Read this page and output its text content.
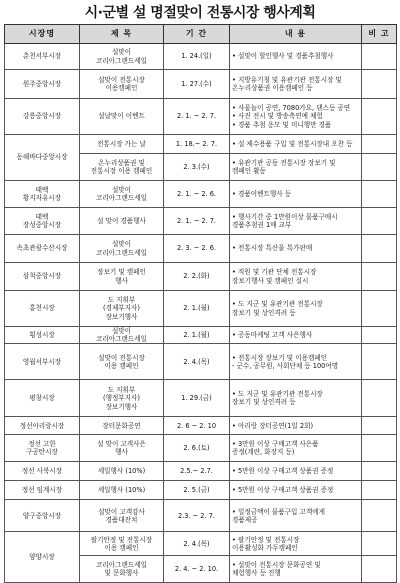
시·군별 설 명절맞이 전통시장 행사계획
시장명	제 목	기 간	내 용	비 고

춘천서부시장	설맞이
코리아그랜드세일	1. 24.(일)	• 설맞이 할인행사 및 경품추첨행사	

원주중앙시장	설맞이 전통시장
이용캠페인	1. 27.(수)	• 지방유기청 및 유관기관 전통시장 및
온누리상품권 이용캠페인 등	

강릉중앙시장	설날맞이 이벤트	2. 1. ~ 2. 7.	• 사물놀이 공연, 7080가요, 댄스등 공연
• 사진 전시 및 방송축연예 체험
• 경품 추첨 응모 및 미니행만 경품	

동해바다중앙시장	전통시장 가는 날	1. 18.~ 2. 7.	• 설 제수용품 구입 및 전통시장내 오찬 등	

	온누리상품권 및
전통시장 이용 캠페인	2. 3.(수)	• 유관기관 공동 전통시장 장보기 및
캠페인 활동	

태백
황지자유시장	설맞이
코리아그랜드세일	2. 1. ~ 2. 6.	• 경품이벤트행사 등	

태백
장성중앙시장	설 맞이 경품행사	2. 1. ~ 2. 7.	• 행사기간 중 1만원이상 물품구매시
경품추첨권 1매 교부	

속초관광수산시장	설맞이
코리아그랜드세일	2. 3. ~ 2. 6.	• 전통시장 특산물 특가판매	

삼척중앙시장	장보기 및 캠페인
행사	2. 2.(화)	• 직원 및 기관 단체 전통시장
장보기행사 및 캠페인 실시	

홍천시장	도 지휘부
(경제부지사)
장보기행사	2. 1.(월)	• 도 지군 및 유관기관 전통시장
장보기 및 상인격려 등	

횡성시장	설맞이
코리아그랜드세일	2. 1.(월)	• 공동마케팅 고객 사은행사	

영월서부시장	설맞이 전통시장
이용 캠페인	2. 4.(목)	• 전통시장 장보기 및 이용캠페인
- 군수, 공무원, 사회단체 등 100여명	

평창시장	도 지휘부
(행정부지사)
장보기행사	1. 29.(금)	• 도 지군 및 유관기관 전통시장
장보기 및 상인격려 등	

정선아리랑시장	장터문화공연	2. 6 ~ 2. 10	• 아리랑 장터공연(1일 2회)	

정선 고한
구공탄시장	설 맞이 고객사은
행사	2. 6.(토)	• 3만원 이상 구매고객 사은품
증정(계란, 화장지 등)	

정선 사북시장	세일행사 (10%)	2.5.~ 2.7.	• 5만원 이상 구매고객 상품권 증정	

정선 임계시장	세일행사 (10%)	2. 5.(금)	• 5만원 이상 구매고객 상품권 증정	

양구중앙시장	설맞이 고객감사
경품대잔치	2.3. ~ 2. 7.	• 일정금액이 물품구입 고객에게
경품제공	

양양시장	팔기안정 및 전통시장
이용 캠페인	2. 4.(목)	• 팔기안정 및 전통시장
이용활성화 가두캠페인	

	코리아그랜드세일
및 문화행사	2. 4. ~ 2. 10.	• 설맞이 전통시장 문화공연 및
체험행사 등 진행	
